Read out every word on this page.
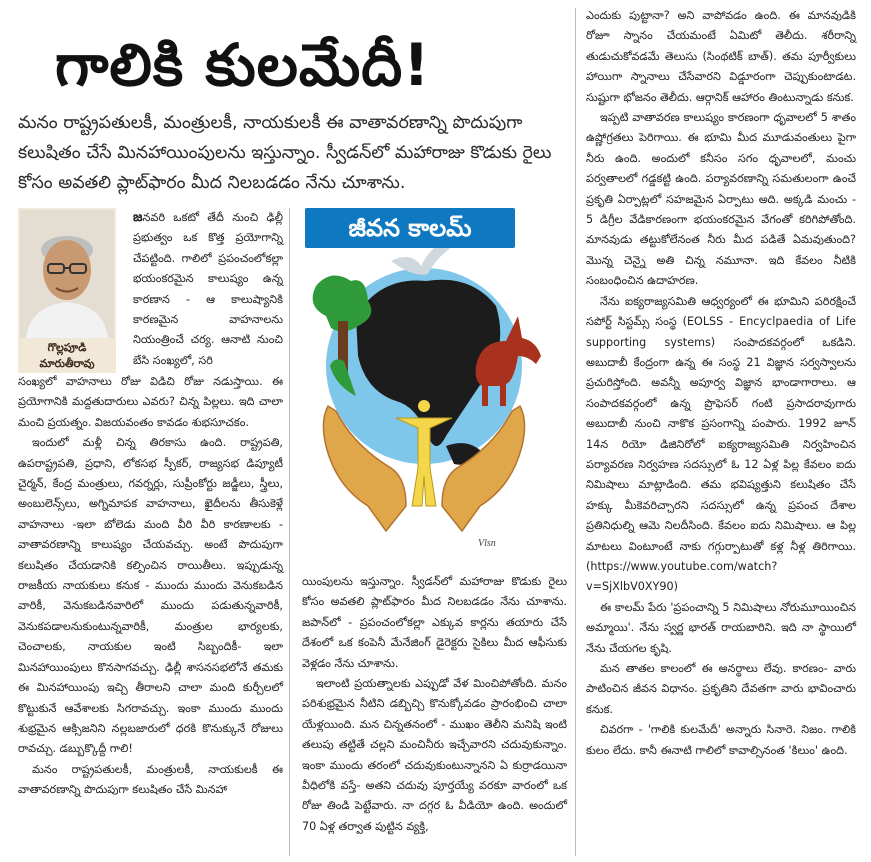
గాలికి కులమేదీ!
మనం రాష్ట్రపతులకీ, మంత్రులకీ, నాయకులకీ ఈ వాతావరణాన్ని పొదుపుగా కలుషితం చేసే మినహాయింపులను ఇస్తున్నాం. స్వీడన్‌లో మహారాజు కొడుకు రైలు కోసం అవతలి ప్లాట్‌ఫారం మీద నిలబడడం నేను చూశాను.
గొల్లపూడి
మారుతీరావు

జనవరి ఒకటో తేదీ నుంచి ఢిల్లీ ప్రభుత్వం ఒక కొత్త ప్రయోగాన్ని చేపట్టింది. గాలిలో ప్రపంచంలోకల్లా భయంకరమైన కాలుష్యం ఉన్న కారణాన - ఆ కాలుష్యానికి కారణమైన వాహనాలను నియంత్రించే చర్య. ఆనాటి నుంచి బేసి సంఖ్యలో, సరి

సంఖ్యలో వాహనాలు రోజు విడిచి రోజు నడుస్తాయి. ఈ ప్రయోగానికి మద్దతుదారులు ఎవరు? చిన్న పిల్లలు. ఇది చాలా మంచి ప్రయత్నం. విజయవంతం కావడం శుభసూచకం.

ఇందులో మళ్లీ చిన్న తిరకాసు ఉంది. రాష్ట్రపతి, ఉపరాష్ట్రపతి, ప్రధాని, లోకసభ స్పీకర్, రాజ్యసభ డిప్యూటీ చైర్మన్, కేంద్ర మంత్రులు, గవర్నర్లు, సుప్రీంకోర్టు జడ్జీలు, స్త్రీలు, అంబులెన్స్‌లు, అగ్నిమాపక వాహనాలు, ఖైదీలను తీసుకెళ్లే వాహనాలు -ఇలా బోలెడు మంది వీరి వీరి కారణాలకు - వాతావరణాన్ని కాలుష్యం చేయవచ్చు. అంటే పొదుపుగా కలుషితం చేయడానికి కల్పించిన రాయితీలు. ఇప్పుడున్న రాజకీయ నాయకులు కనుక - ముందు ముందు వెనుకబడిన వారికీ, వెనుకబడినవారిలో ముందు పడుతున్నవారికీ, వెనుకపడాలనుకుంటున్నవారికీ, మంత్రుల భార్యలకు, చెంచాలకు, నాయకుల ఇంటి సిబ్బందికీ- ఇలా మినహాయింపులు కొనసాగవచ్చు. ఢిల్లీ శాసనసభలోనే తమకు ఈ మినహాయింపు ఇచ్చి తీరాలని చాలా మంది కుర్చీలలో కొట్టుకునే ఆవేశాలకు సిగరావచ్చు. ఇంకా ముందు ముందు శుభ్రమైన ఆక్సిజనిని నల్లబజారులో ధరకి కొనుక్కునే రోజులు రావచ్చు. డబ్బుక్కొద్దీ గాలి!

మనం రాష్ట్రపతులకీ, మంత్రులకీ, నాయకులకీ ఈ వాతావరణాన్ని పొదుపుగా కలుషితం చేసే మినహా

Vlsn
జీవన కాలమ్

యింపులను ఇస్తున్నాం. స్వీడన్‌లో మహారాజు కొడుకు రైలు కోసం అవతలి ప్లాట్‌ఫారం మీద నిలబడడం నేను చూశాను. జపాన్‌లో - ప్రపంచంలోకల్లా ఎక్కువ కార్లను తయారు చేసే దేశంలో ఒక కంపెనీ మేనేజింగ్ డైరెక్టరు సైకిలు మీద ఆఫీసుకు వెళ్లడం నేను చూశాను.

ఇలాంటి ప్రయత్నాలకు ఎప్పుడో వేళ మించిపోతోంది. మనం పరిశుభ్రమైన నీటిని డబ్బిచ్చి కొనుక్కోవడం ప్రారంభించి చాలా యేళ్లయింది. మన చిన్నతనంలో - ముఖం తెలీని మనిషి ఇంటి తలుపు తట్టితే చల్లని మంచినీరు ఇచ్చేవారని చదువుకున్నాం. ఇంకా ముందు తరంలో చదువుకుంటున్నానని ఏ కుర్రాడయినా వీధిలోకి వస్తే- అతని చదువు పూర్తయ్యే వరకూ వారంలో ఒక రోజు తిండి పెట్టేవారు. నా దగ్గర ఓ వీడియో ఉంది. అందులో 70 ఏళ్ల తర్వాత పుట్టిన వ్యక్తి,

ఎందుకు పుట్టానా? అని వాపోవడం ఉంది. ఈ మానవుడికి రోజూ స్నానం చేయమంటే ఏమిటో తెలీదు. శరీరాన్ని తుడుచుకోవడమే తెలుసు (సింథటిక్ బాత్). తమ పూర్వీకులు హాయిగా స్నానాలు చేసేవారని విడ్డూరంగా చెప్పుకుంటాడట. సుష్టుగా భోజనం తెలీదు. ఆర్గానిక్ ఆహారం తింటున్నాడు కనుక.

ఇప్పటి వాతావరణ కాలుష్యం కారణంగా ధృవాలలో 5 శాతం ఉష్ణోగ్రతలు పెరిగాయి. ఈ భూమి మీద మూడువంతులు పైగా నీరు ఉంది. అందులో కనీసం సగం ధృవాలలో, మంచు పర్వతాలలో గడ్డకట్టి ఉంది. పర్యావరణాన్ని సమతులంగా ఉంచే ప్రకృతి ఏర్పాట్లలో సహజమైన ఏర్పాటు అది. అక్కడి మంచు - 5 డిగ్రీల వేడికారణంగా భయంకరమైన వేగంతో కరిగిపోతోంది. మానవుడు తట్టుకోలేనంత నీరు మీద పడితే ఏమవుతుంది? మొన్న చెన్నై అతి చిన్న నమూనా. ఇది కేవలం నీటికి సంబంధించిన ఉదాహరణ.

నేను ఐక్యరాజ్యసమితి ఆధ్వర్యంలో ఈ భూమిని పరిరక్షించే సపోర్ట్ సిస్టమ్స్ సంస్థ (EOLSS - Encyclpaedia of Life supporting systems) సంపాదకవర్గంలో ఒకడిని. అబుదాబీ కేంద్రంగా ఉన్న ఈ సంస్థ 21 విజ్ఞాన సర్వస్వాలను ప్రచురిస్తోంది. అవన్నీ అపూర్వ విజ్ఞాన భాండాగారాలు. ఆ సంపాదకవర్గంలో ఉన్న ప్రొఫెసర్ గంటి ప్రసాదరావుగారు అబుదాబీ నుంచి నాకొక ప్రసంగాన్ని పంపారు. 1992 జూన్ 14న రియో డిజినిరోలో ఐక్యరాజ్యసమితి నిర్వహించిన పర్యావరణ నిర్వహణ సదస్సులో ఓ 12 ఏళ్ల పిల్ల కేవలం ఐదు నిమిషాలు మాట్లాడింది. తమ భవిష్యత్తుని కలుషితం చేసే హక్కు మీకెవరిచ్చారని సదస్సులో ఉన్న ప్రపంచ దేశాల ప్రతినిధుల్ని ఆమె నిలదీసింది. కేవలం ఐదు నిమిషాలు. ఆ పిల్ల మాటలు వింటూంటే నాకు గగ్గుర్పాటుతో కళ్ల నీళ్ల తిరిగాయి. (https://www.youtube.com/watch?v=SjXlbV0XY90)

ఈ కాలమ్ పేరు 'ప్రపంచాన్ని 5 నిమిషాలు నోరుమూయించిన అమ్మాయి'. నేను స్వర్ణ భారత్ రాయబారిని. ఇది నా స్థాయిలో నేను చేయగల కృషి.

మన తాతల కాలంలో ఈ అనర్థాలు లేవు. కారణం- వారు పాటించిన జీవన విధానం. ప్రకృతిని దేవతగా వారు భావించారు కనుక.

చివరగా - 'గాలికి కులమేదీ' అన్నారు సినారె. నిజం. గాలికి కులం లేదు. కానీ ఈనాటి గాలిలో కావాల్సినంత 'కిలుం' ఉంది.
